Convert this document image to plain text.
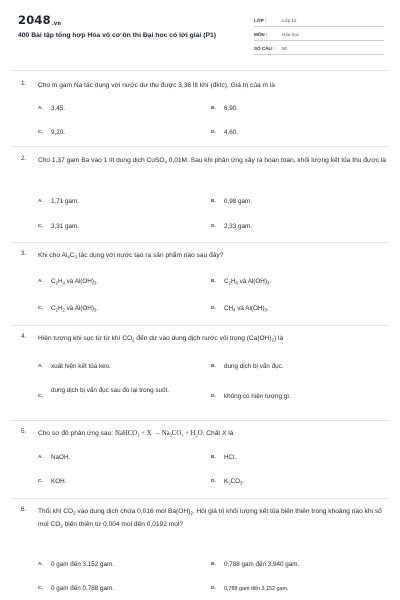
2048.vn
400 Bài tập tổng hợp Hóa vô cơ ôn thi Đại học có lời giải (P1)
LỚP :	Lớp 12
MÔN :	Hóa học
SỐ CÂU : 50
1. Cho m gam Na tác dụng với nước dư thu được 3,36 lít khí (đktc). Giá trị của m là
A. 3,45.	B. 6,90.
C. 9,20.	D. 4,60.
2. Cho 1,37 gam Ba vào 1 lít dung dịch CuSO$_4$ 0,01M. Sau khi phản ứng xảy ra hoàn toàn, khối lượng kết tủa thu được là
A. 1,71 gam.	B. 0,98 gam.
C. 3,31 gam.	D. 2,33 gam.
3. Khi cho $Al_4C_3$ tác dụng với nước tạo ra sản phẩm nào sau đây?
A. $C_2H_4$ và $Al(OH)_3$.	B. $C_2H_6$ và $Al(OH)_3$.
C. $C_2H_2$ và $Al(OH)_3$.	D. $CH_4$ và $Al(OH)_3$.
4. Hiện tượng khi sục từ từ khí $CO_2$ đến dư vào dung dịch nước vôi trong $(Ca(OH)_2)$ là
A. xuất hiện kết tủa keo.	B. dung dịch bị vẩn đục.
C.
dung dịch bị vẩn đục sau đó lại trong suốt.
D. không có hiện tượng gì.
5. Cho sơ đồ phản ứng sau: NaHCO$_3$ + $X \to Na_2CO_3 + H_2O$. Chất X là
A. NaOH.	B. HCl.
C. KOH.	D. $K_2CO_3$.
6. Thổi khí $CO_2$ vào dung dịch chứa 0,016 mol $Ba(OH)_2$. Hỏi giá trị khối lượng kết tủa biến thiên trong khoảng nào khi số mol $CO_2$ biến thiên từ 0,004 mol đến 0,0192 mol?
A. 0 gam đến 3,152 gam.	B. 0,788 gam đến 3,940 gam.
C. 0 gam đến 0,788 gam.	D. 0,788 gam đến 3,152 gam.
